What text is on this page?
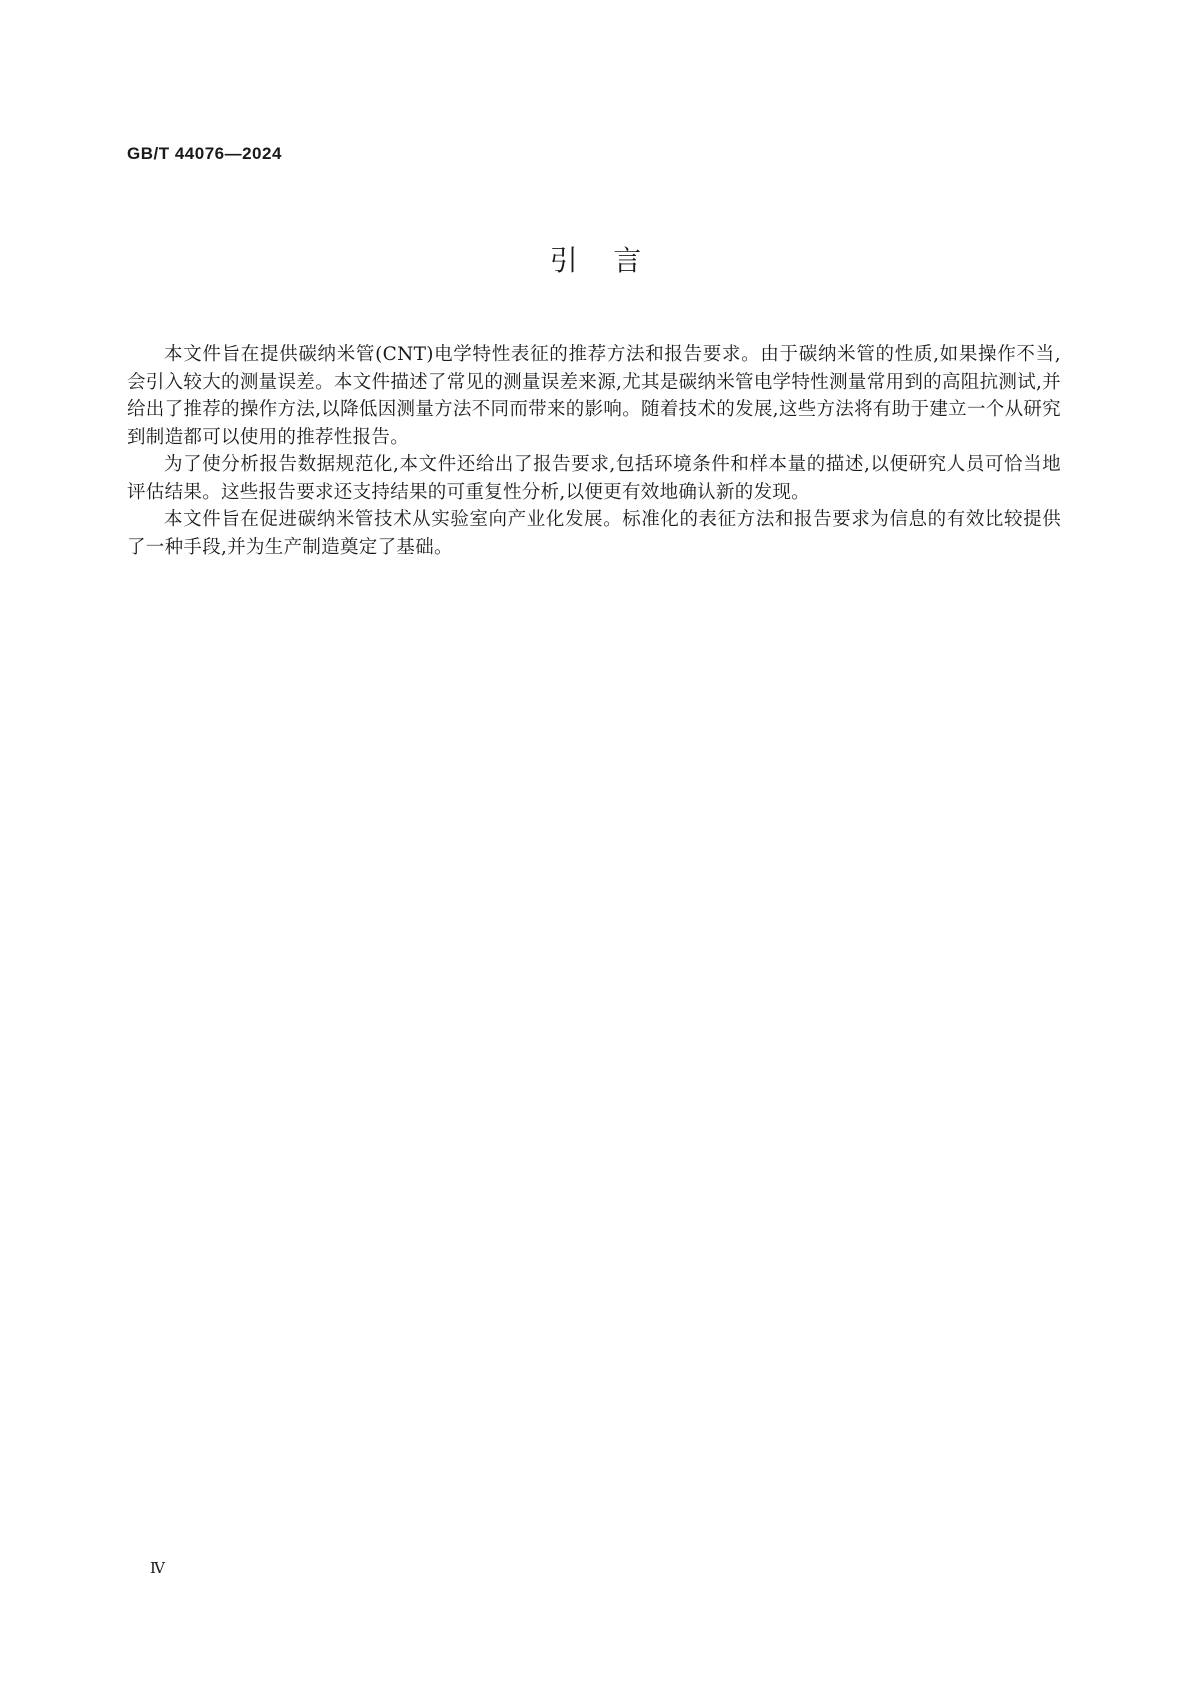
GB/T 44076—2024
引    言

本文件旨在提供碳纳米管(CNT)电学特性表征的推荐方法和报告要求。由于碳纳米管的性质,如果操作不当,会引入较大的测量误差。本文件描述了常见的测量误差来源,尤其是碳纳米管电学特性测量常用到的高阻抗测试,并给出了推荐的操作方法,以降低因测量方法不同而带来的影响。随着技术的发展,这些方法将有助于建立一个从研究到制造都可以使用的推荐性报告。

为了使分析报告数据规范化,本文件还给出了报告要求,包括环境条件和样本量的描述,以便研究人员可恰当地评估结果。这些报告要求还支持结果的可重复性分析,以便更有效地确认新的发现。

本文件旨在促进碳纳米管技术从实验室向产业化发展。标准化的表征方法和报告要求为信息的有效比较提供了一种手段,并为生产制造奠定了基础。

Ⅳ
